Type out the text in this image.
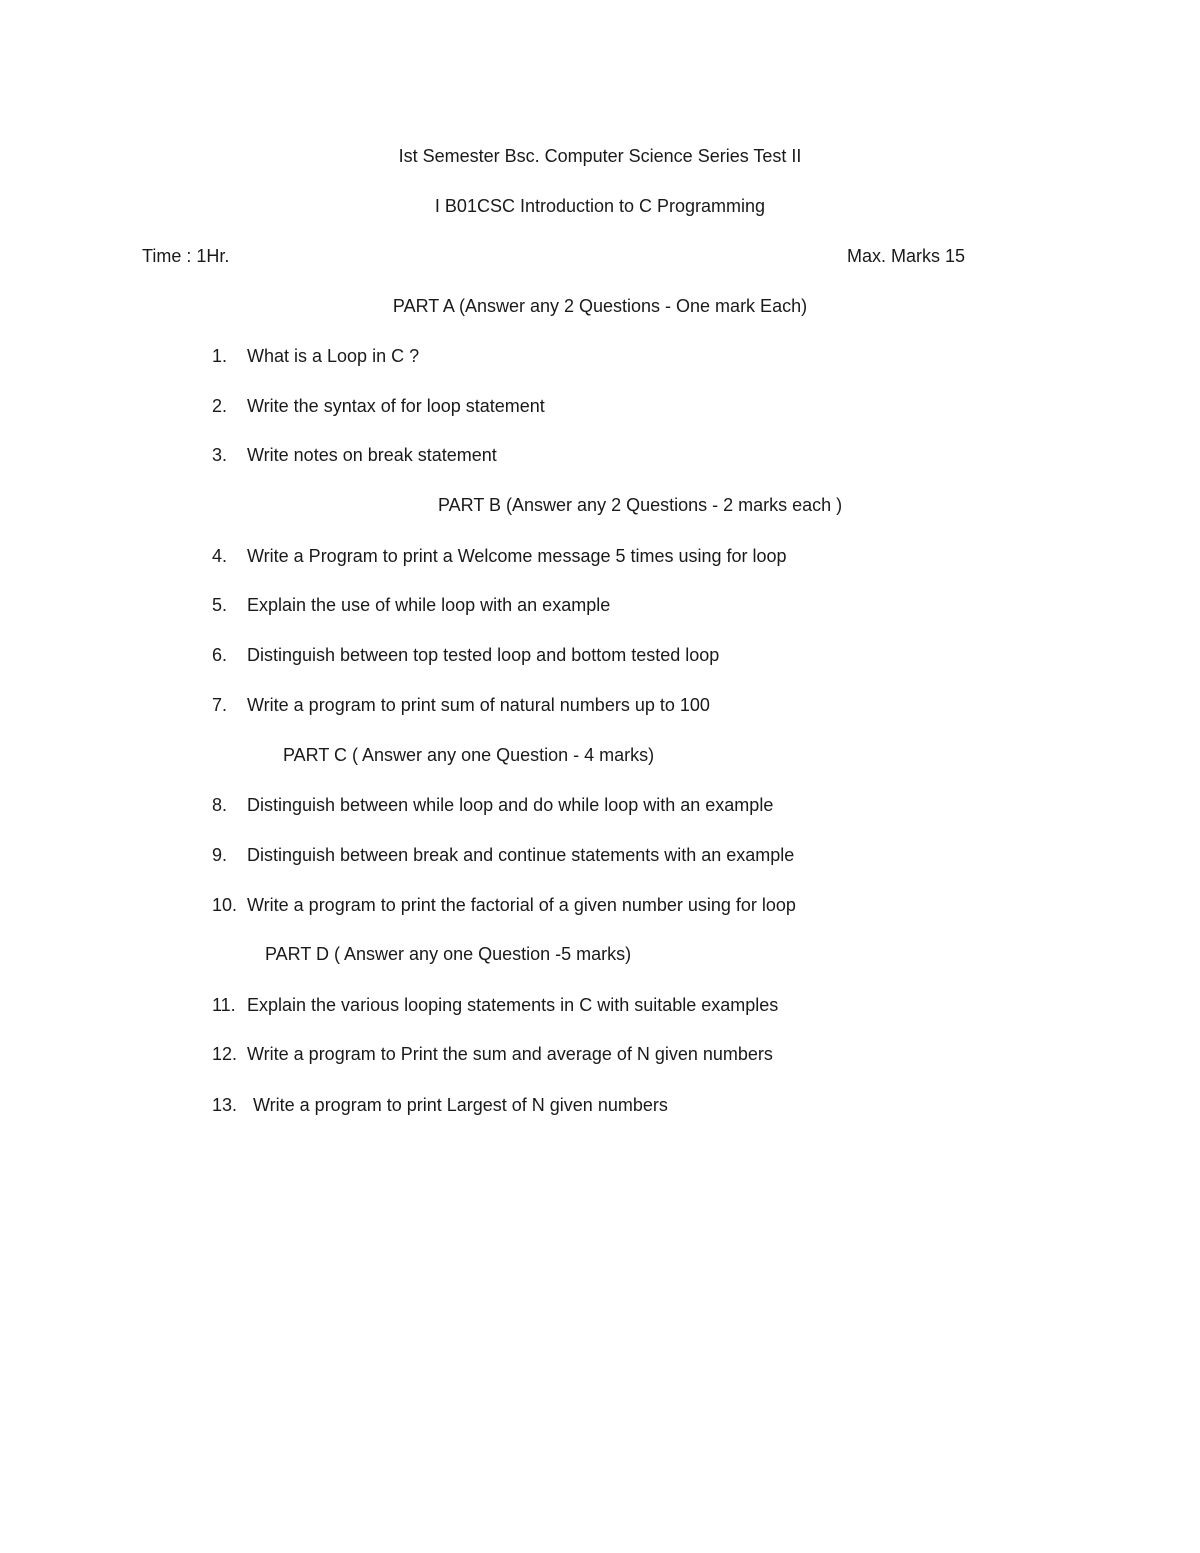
Ist Semester Bsc. Computer Science Series Test II
I B01CSC Introduction to C Programming
Time : 1Hr.	Max. Marks 15
PART A (Answer any 2 Questions - One mark Each)
1.	What is a Loop in C ?
2.	Write the syntax of for loop statement
3.	Write notes on break statement
PART B (Answer any 2 Questions - 2 marks each )
4.	Write a Program to print a Welcome message 5 times using for loop
5.	Explain the use of while loop with an example
6.	Distinguish between top tested loop and bottom tested loop
7.	Write a program to print sum of natural numbers up to 100
PART C ( Answer any one Question - 4 marks)
8.	Distinguish between while loop and do while loop with an example
9.	Distinguish between break and continue statements with an example
10. Write a program to print the factorial of a given number using for loop
PART D ( Answer any one Question -5 marks)
11. Explain the various looping statements in C with suitable examples
12. Write a program to Print the sum and average of N given numbers
13. Write a program to print Largest of N given numbers
